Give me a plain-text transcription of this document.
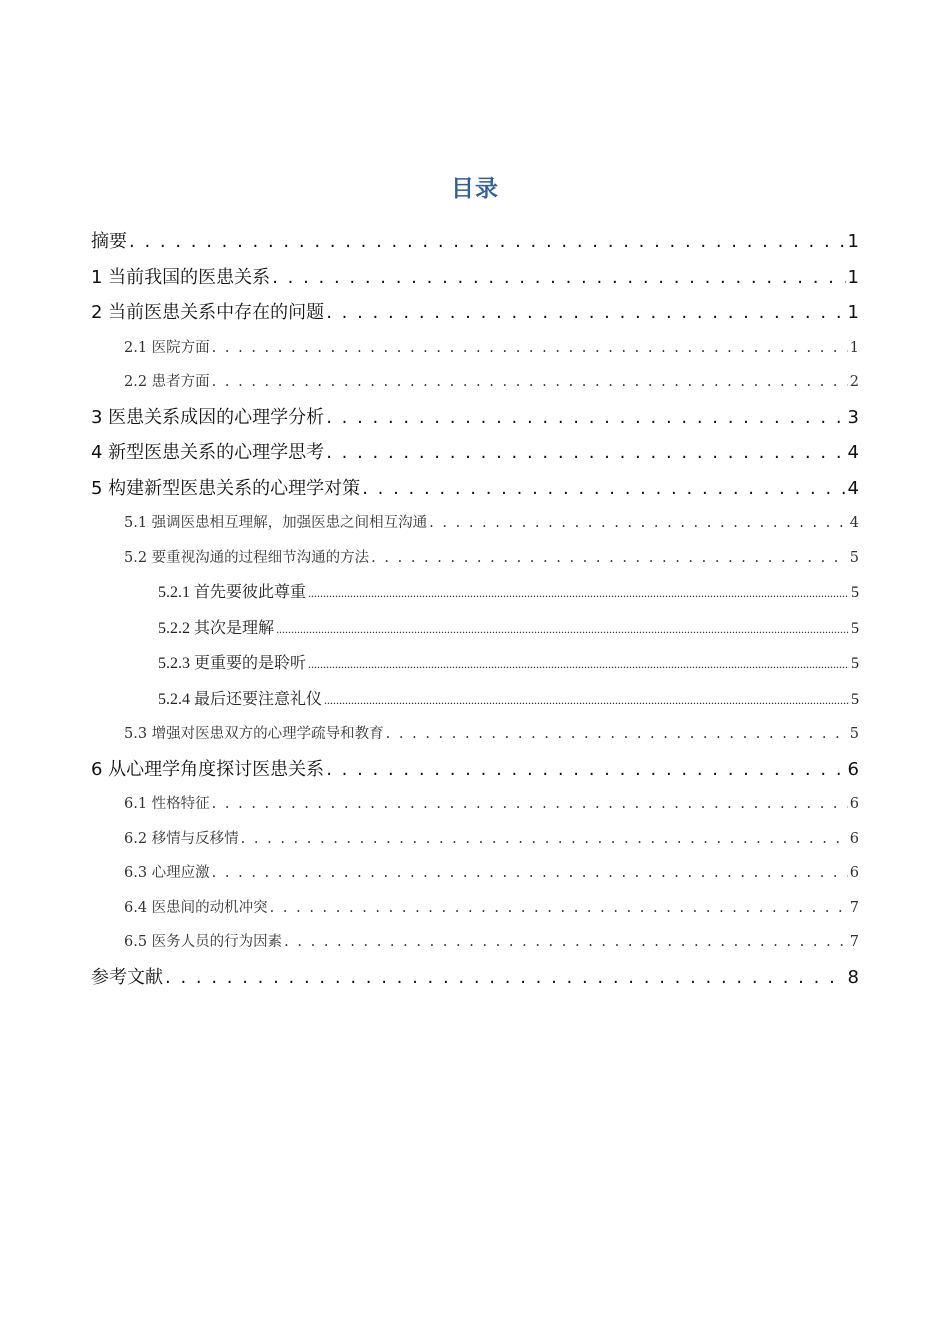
目录
摘要 . . .	1
1 当前我国的医患关系 . . .	1
2 当前医患关系中存在的问题 . . .	1
2.1 医院方面 . . .	1
2.2 患者方面 . . .	2
3 医患关系成因的心理学分析 . . .	3
4 新型医患关系的心理学思考 . . .	4
5 构建新型医患关系的心理学对策 . . .	4
5.1 强调医患相互理解，加强医患之间相互沟通 . . .	4
5.2 要重视沟通的过程细节沟通的方法 . . .	5
5.2.1 首先要彼此尊重 .....	5
5.2.2 其次是理解 .....	5
5.2.3 更重要的是聆听 .....	5
5.2.4 最后还要注意礼仪 .....	5
5.3 增强对医患双方的心理学疏导和教育 . . .	5
6 从心理学角度探讨医患关系 . . .	6
6.1 性格特征 . . .	6
6.2 移情与反移情 . . .	6
6.3 心理应激 . . .	6
6.4 医患间的动机冲突 . . .	7
6.5 医务人员的行为因素 . . .	7
参考文献 . . .	8
